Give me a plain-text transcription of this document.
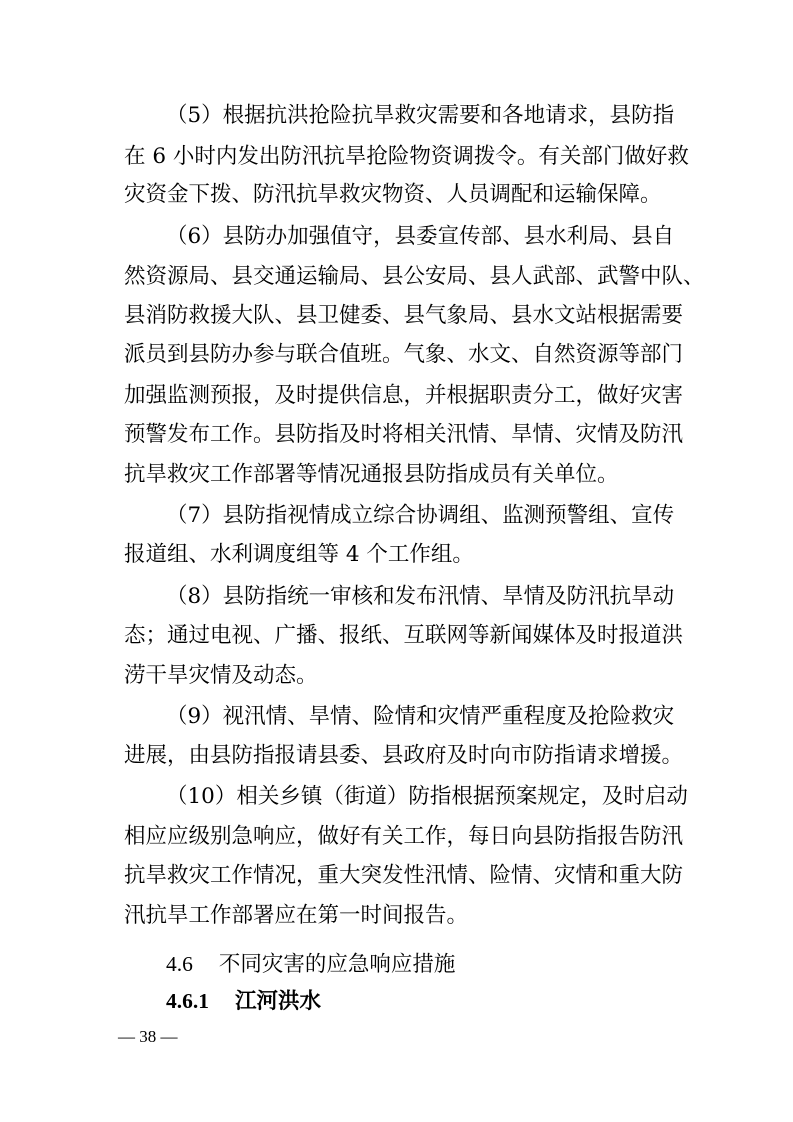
（5）根据抗洪抢险抗旱救灾需要和各地请求，县防指
在 6 小时内发出防汛抗旱抢险物资调拨令。有关部门做好救
灾资金下拨、防汛抗旱救灾物资、人员调配和运输保障。
（6）县防办加强值守，县委宣传部、县水利局、县自
然资源局、县交通运输局、县公安局、县人武部、武警中队、
县消防救援大队、县卫健委、县气象局、县水文站根据需要
派员到县防办参与联合值班。气象、水文、自然资源等部门
加强监测预报，及时提供信息，并根据职责分工，做好灾害
预警发布工作。县防指及时将相关汛情、旱情、灾情及防汛
抗旱救灾工作部署等情况通报县防指成员有关单位。
（7）县防指视情成立综合协调组、监测预警组、宣传
报道组、水利调度组等 4 个工作组。
（8）县防指统一审核和发布汛情、旱情及防汛抗旱动
态；通过电视、广播、报纸、互联网等新闻媒体及时报道洪
涝干旱灾情及动态。
（9）视汛情、旱情、险情和灾情严重程度及抢险救灾
进展，由县防指报请县委、县政府及时向市防指请求增援。
（10）相关乡镇（街道）防指根据预案规定，及时启动
相应应级别急响应，做好有关工作，每日向县防指报告防汛
抗旱救灾工作情况，重大突发性汛情、险情、灾情和重大防
汛抗旱工作部署应在第一时间报告。
4.6 不同灾害的应急响应措施
4.6.1 江河洪水
— 38 —
